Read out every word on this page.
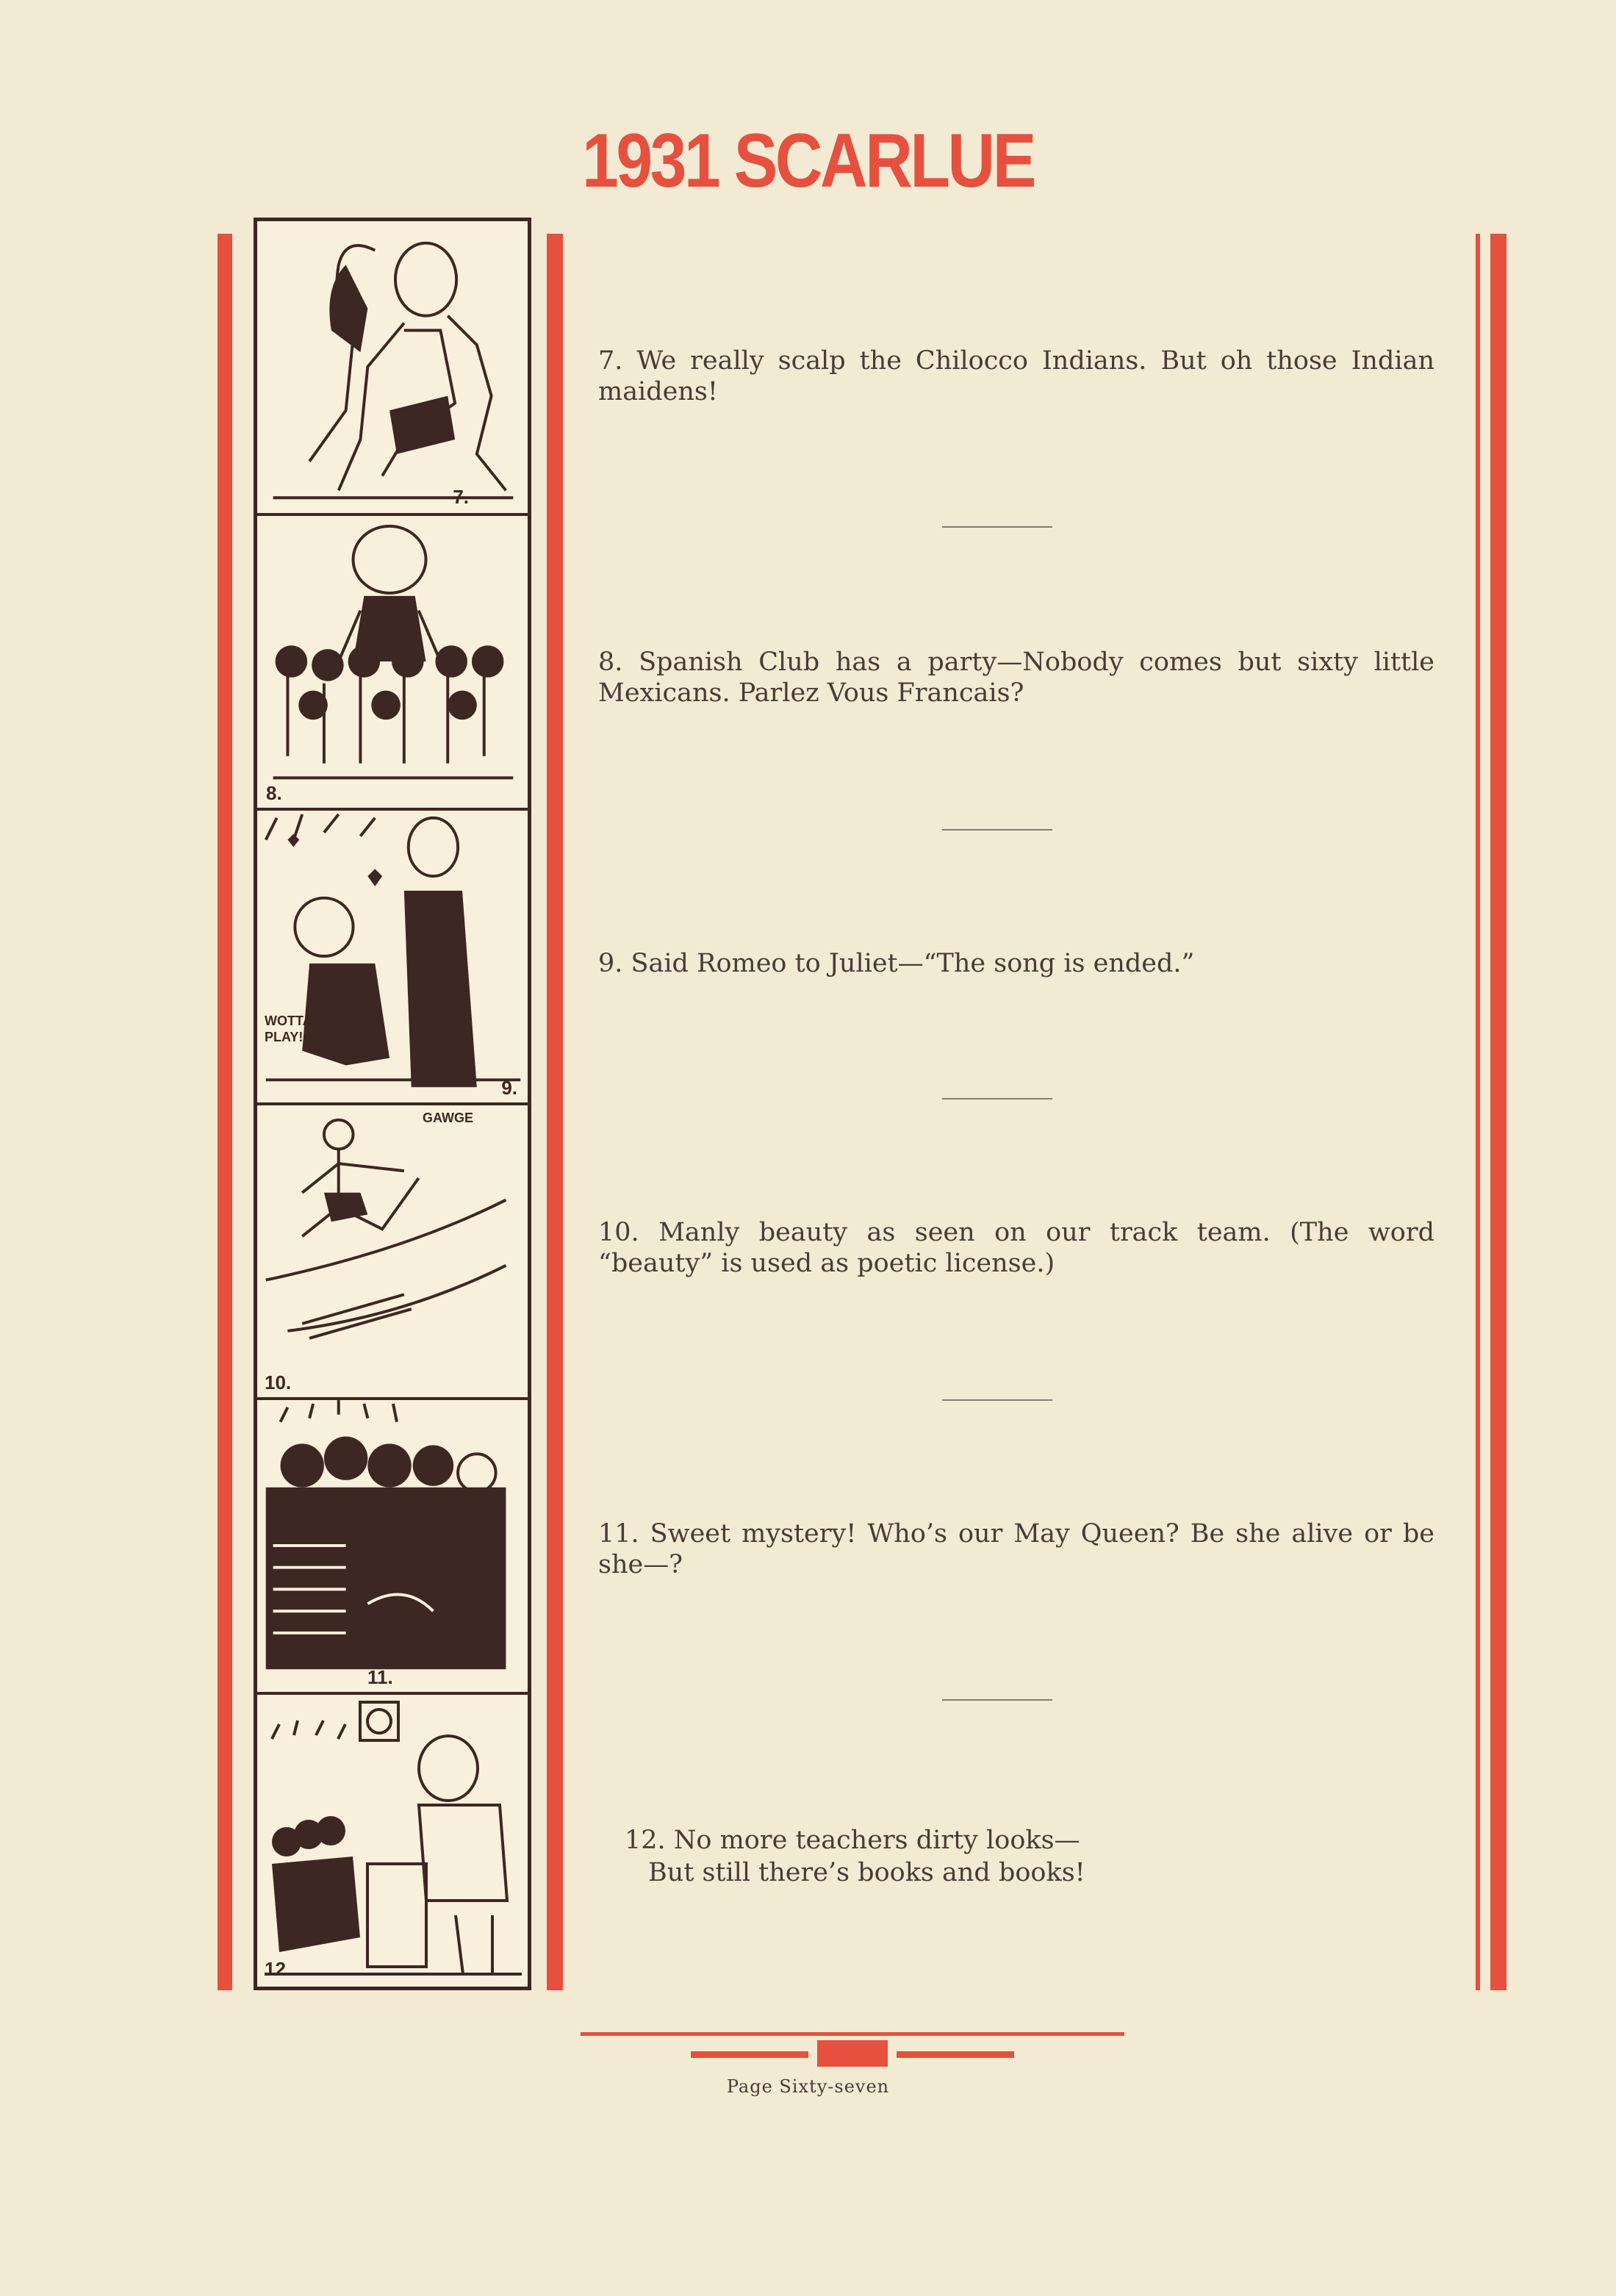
1931 SCARLUE
7.
8.
WOTTA PLAY!
9.
GAWGE
10.
11.
12.
7. We really scalp the Chilocco Indians. But oh those Indian maidens!
8. Spanish Club has a party—Nobody comes but sixty little Mexicans. Parlez Vous Francais?
9. Said Romeo to Juliet—“The song is ended.”
10. Manly beauty as seen on our track team. (The word “beauty” is used as poetic license.)
11. Sweet mystery! Who’s our May Queen? Be she alive or be she—?
12. No more teachers dirty looks—
But still there’s books and books!
Page Sixty-seven
